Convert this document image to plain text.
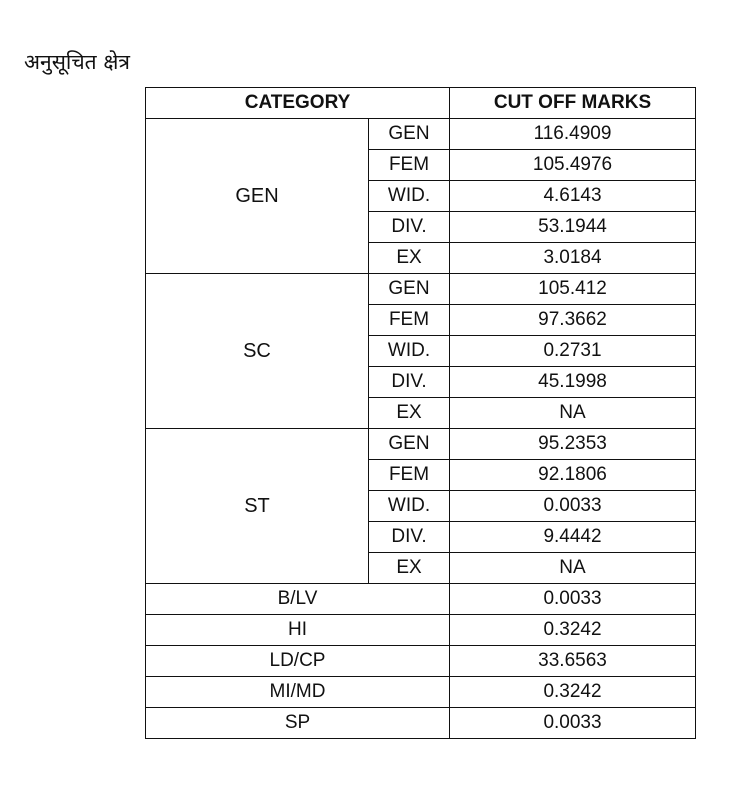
अनुसूचित क्षेत्र
CATEGORY		CUT OFF MARKS
GEN	GEN	116.4909
	FEM	105.4976
	WID.	4.6143
	DIV.	53.1944
	EX	3.0184
SC	GEN	105.412
	FEM	97.3662
	WID.	0.2731
	DIV.	45.1998
	EX	NA
ST	GEN	95.2353
	FEM	92.1806
	WID.	0.0033
	DIV.	9.4442
	EX	NA
B/LV		0.0033
HI		0.3242
LD/CP		33.6563
MI/MD		0.3242
SP		0.0033
